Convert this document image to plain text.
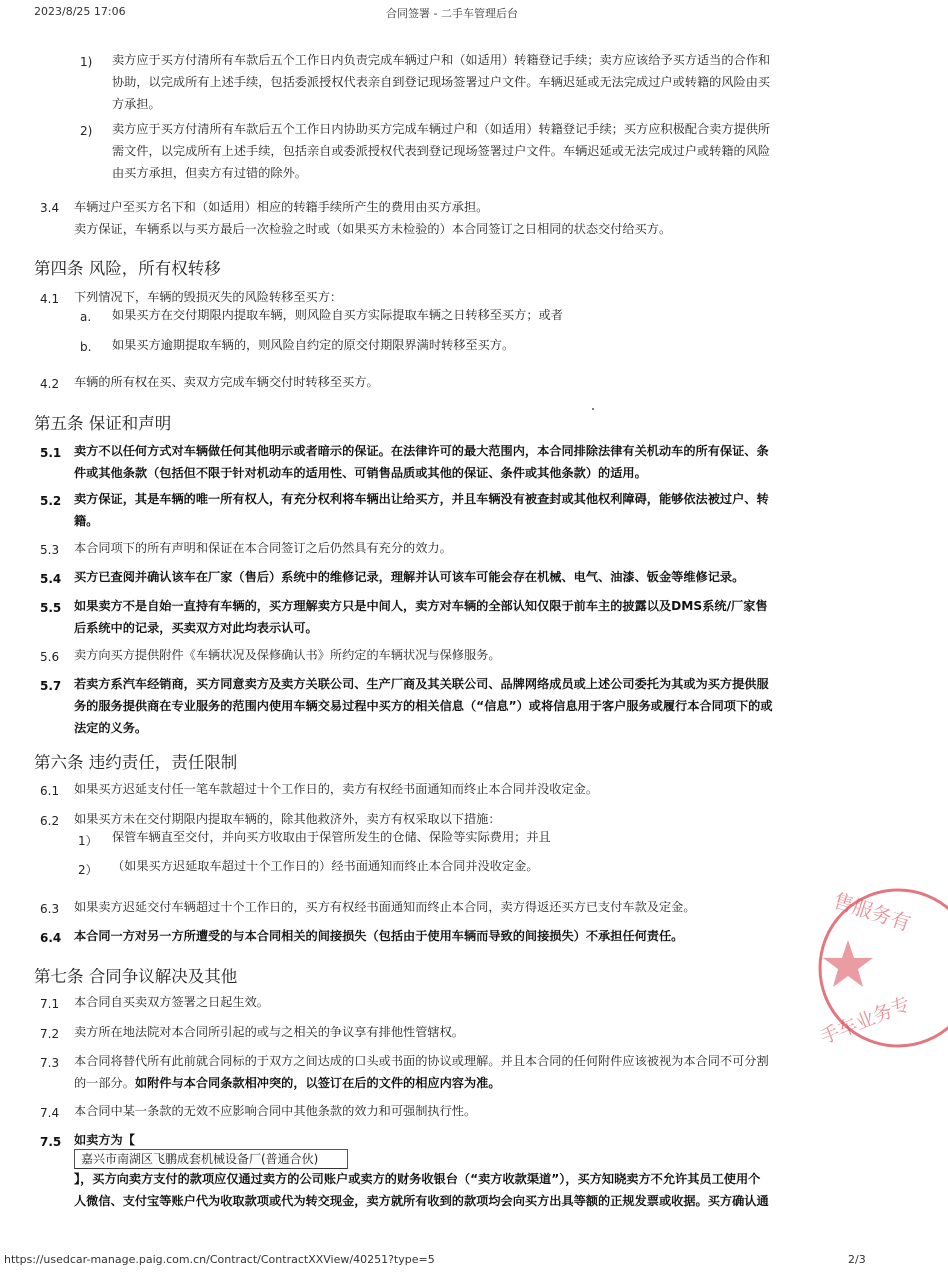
2023/8/25 17:06	合同签署 - 二手车管理后台
1) 卖方应于买方付清所有车款后五个工作日内负责完成车辆过户和（如适用）转籍登记手续；卖方应该给予买方适当的合作和
协助，以完成所有上述手续，包括委派授权代表亲自到登记现场签署过户文件。车辆迟延或无法完成过户或转籍的风险由买
方承担。
2) 卖方应于买方付清所有车款后五个工作日内协助买方完成车辆过户和（如适用）转籍登记手续；买方应积极配合卖方提供所
需文件，以完成所有上述手续，包括亲自或委派授权代表到登记现场签署过户文件。车辆迟延或无法完成过户或转籍的风险
由买方承担，但卖方有过错的除外。
3.4 车辆过户至买方名下和（如适用）相应的转籍手续所产生的费用由买方承担。
卖方保证，车辆系以与买方最后一次检验之时或（如果买方未检验的）本合同签订之日相同的状态交付给买方。
第四条 风险，所有权转移
4.1 下列情况下，车辆的毁损灭失的风险转移至买方：
a. 如果买方在交付期限内提取车辆，则风险自买方实际提取车辆之日转移至买方；或者
b. 如果买方逾期提取车辆的，则风险自约定的原交付期限界满时转移至买方。
4.2 车辆的所有权在买、卖双方完成车辆交付时转移至买方。
第五条 保证和声明
5.1 卖方不以任何方式对车辆做任何其他明示或者暗示的保证。在法律许可的最大范围内，本合同排除法律有关机动车的所有保证、条
件或其他条款（包括但不限于针对机动车的适用性、可销售品质或其他的保证、条件或其他条款）的适用。
5.2 卖方保证，其是车辆的唯一所有权人，有充分权利将车辆出让给买方，并且车辆没有被查封或其他权利障碍，能够依法被过户、转
籍。
5.3 本合同项下的所有声明和保证在本合同签订之后仍然具有充分的效力。
5.4 买方已查阅并确认该车在厂家（售后）系统中的维修记录，理解并认可该车可能会存在机械、电气、油漆、钣金等维修记录。
5.5 如果卖方不是自始一直持有车辆的，买方理解卖方只是中间人，卖方对车辆的全部认知仅限于前车主的披露以及DMS系统/厂家售
后系统中的记录，买卖双方对此均表示认可。
5.6 卖方向买方提供附件《车辆状况及保修确认书》所约定的车辆状况与保修服务。
5.7 若卖方系汽车经销商，买方同意卖方及卖方关联公司、生产厂商及其关联公司、品牌网络成员或上述公司委托为其或为买方提供服
务的服务提供商在专业服务的范围内使用车辆交易过程中买方的相关信息（“信息”）或将信息用于客户服务或履行本合同项下的或
法定的义务。
第六条 违约责任，责任限制
6.1 如果买方迟延支付任一笔车款超过十个工作日的，卖方有权经书面通知而终止本合同并没收定金。
6.2 如果买方未在交付期限内提取车辆的，除其他救济外，卖方有权采取以下措施：
1） 保管车辆直至交付，并向买方收取由于保管所发生的仓储、保险等实际费用；并且
2） （如果买方迟延取车超过十个工作日的）经书面通知而终止本合同并没收定金。
6.3 如果卖方迟延交付车辆超过十个工作日的，买方有权经书面通知而终止本合同，卖方得返还买方已支付车款及定金。
6.4 本合同一方对另一方所遭受的与本合同相关的间接损失（包括由于使用车辆而导致的间接损失）不承担任何责任。
第七条 合同争议解决及其他
7.1 本合同自买卖双方签署之日起生效。
7.2 卖方所在地法院对本合同所引起的或与之相关的争议享有排他性管辖权。
7.3 本合同将替代所有此前就合同标的于双方之间达成的口头或书面的协议或理解。并且本合同的任何附件应该被视为本合同不可分割
的一部分。如附件与本合同条款相冲突的，以签订在后的文件的相应内容为准。
7.4 本合同中某一条款的无效不应影响合同中其他条款的效力和可强制执行性。
7.5 如卖方为【
嘉兴市南湖区飞鹏成套机械设备厂(普通合伙)
】，买方向卖方支付的款项应仅通过卖方的公司账户或卖方的财务收银台（“卖方收款渠道”），买方知晓卖方不允许其员工使用个
人微信、支付宝等账户代为收取款项或代为转交现金，卖方就所有收到的款项均会向买方出具等额的正规发票或收据。买方确认通
售服务有
手车业务专
https://usedcar-manage.paig.com.cn/Contract/ContractXXView/40251?type=5	2/3
